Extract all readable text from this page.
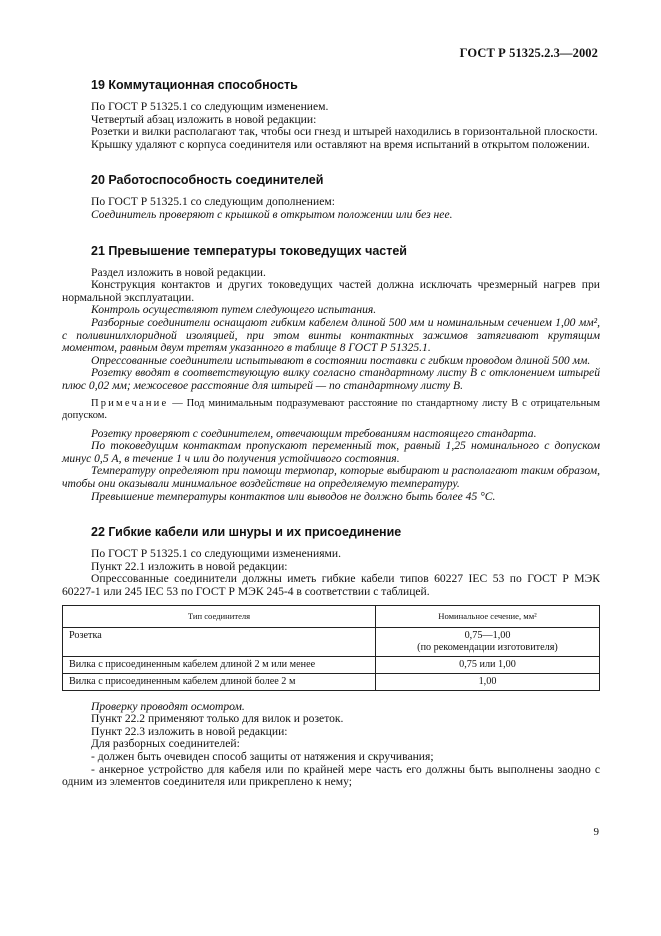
ГОСТ Р 51325.2.3—2002
19 Коммутационная способность

По ГОСТ Р 51325.1 со следующим изменением.

Четвертый абзац изложить в новой редакции:

Розетки и вилки располагают так, чтобы оси гнезд и штырей находились в горизонтальной плоскости.

Крышку удаляют с корпуса соединителя или оставляют на время испытаний в открытом положении.

20 Работоспособность соединителей

По ГОСТ Р 51325.1 со следующим дополнением:

Соединитель проверяют с крышкой в открытом положении или без нее.

21 Превышение температуры токоведущих частей

Раздел изложить в новой редакции.

Конструкция контактов и других токоведущих частей должна исключать чрезмерный нагрев при нормальной эксплуатации.

Контроль осуществляют путем следующего испытания.

Разборные соединители оснащают гибким кабелем длиной 500 мм и номинальным сечением 1,00 мм², с поливинилхлоридной изоляцией, при этом винты контактных зажимов затягивают крутящим моментом, равным двум третям указанного в таблице 8 ГОСТ Р 51325.1.

Опрессованные соединители испытывают в состоянии поставки с гибким проводом длиной 500 мм.

Розетку вводят в соответствующую вилку согласно стандартному листу В с отклонением штырей плюс 0,02 мм; межосевое расстояние для штырей — по стандартному листу В.

Примечание — Под минимальным подразумевают расстояние по стандартному листу В с отрицательным допуском.

Розетку проверяют с соединителем, отвечающим требованиям настоящего стандарта.

По токоведущим контактам пропускают переменный ток, равный 1,25 номинального с допуском минус 0,5 А, в течение 1 ч или до получения устойчивого состояния.

Температуру определяют при помощи термопар, которые выбирают и располагают таким образом, чтобы они оказывали минимальное воздействие на определяемую температуру.

Превышение температуры контактов или выводов не должно быть более 45 °С.

22 Гибкие кабели или шнуры и их присоединение

По ГОСТ Р 51325.1 со следующими изменениями.

Пункт 22.1 изложить в новой редакции:

Опрессованные соединители должны иметь гибкие кабели типов 60227 IEC 53 по ГОСТ Р МЭК 60227-1 или 245 IEC 53 по ГОСТ Р МЭК 245-4 в соответствии с таблицей.

Тип соединителя	Номинальное сечение, мм²
Розетка	0,75—1,00
(по рекомендации изготовителя)

Вилка с присоединенным кабелем длиной 2 м или менее	0,75 или 1,00
Вилка с присоединенным кабелем длиной более 2 м	1,00

Проверку проводят осмотром.

Пункт 22.2 применяют только для вилок и розеток.

Пункт 22.3 изложить в новой редакции:

Для разборных соединителей:

- должен быть очевиден способ защиты от натяжения и скручивания;

- анкерное устройство для кабеля или по крайней мере часть его должны быть выполнены заодно с одним из элементов соединителя или прикреплено к нему;

9
